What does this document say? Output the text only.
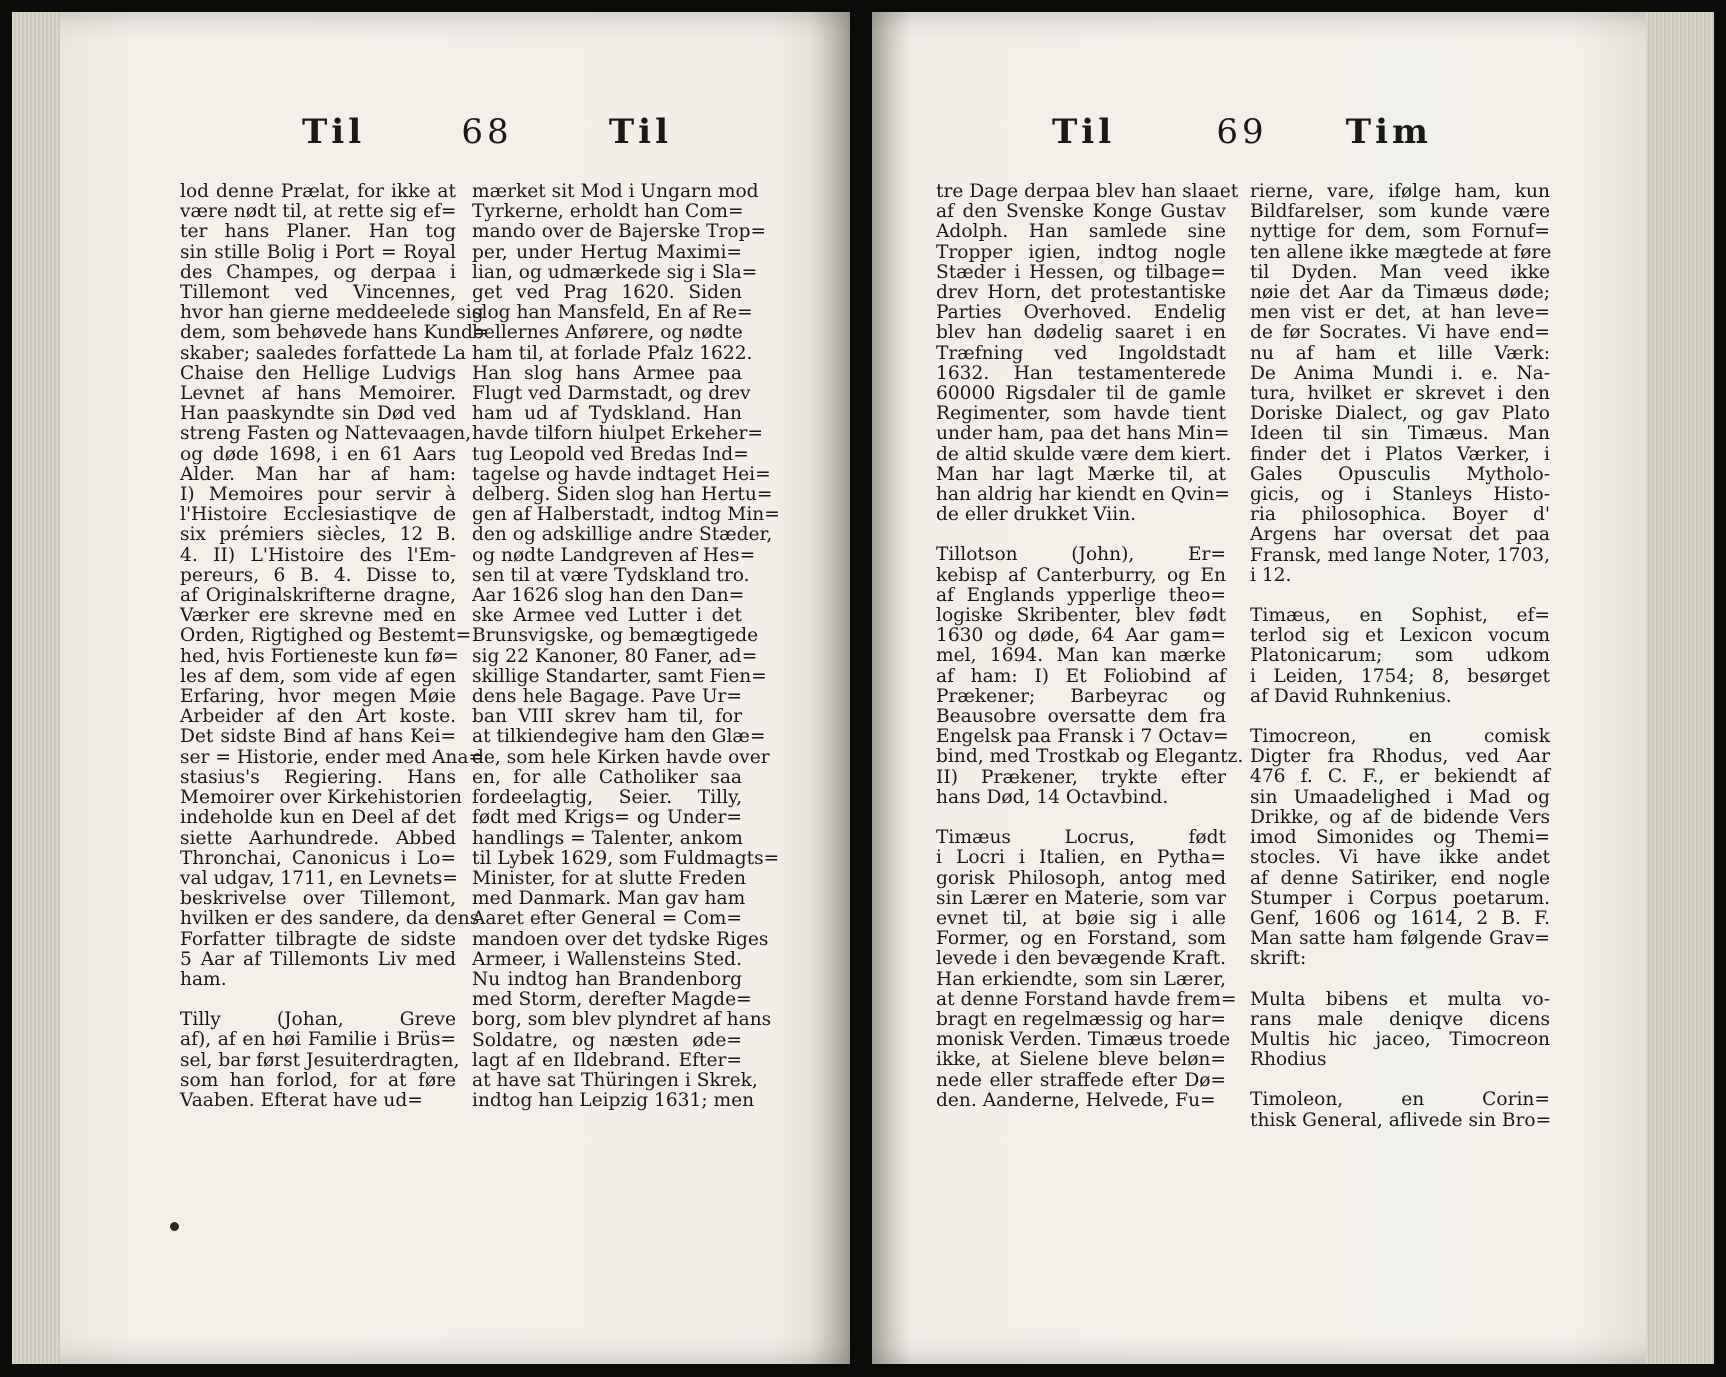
Til	68	Til
lod denne Prælat, for ikke at
være nødt til, at rette sig ef=
ter hans Planer. Han tog
sin stille Bolig i Port = Royal
des Champes, og derpaa i
Tillemont ved Vincennes,
hvor han gierne meddeelede sig
dem, som behøvede hans Kund=
skaber; saaledes forfattede La
Chaise den Hellige Ludvigs
Levnet af hans Memoirer.
Han paaskyndte sin Død ved
streng Fasten og Nattevaagen,
og døde 1698, i en 61 Aars
Alder. Man har af ham:
I) Memoires pour servir à
l'Histoire Ecclesiastiqve de
six prémiers siècles, 12 B.
4. II) L'Histoire des l'Em-
pereurs, 6 B. 4. Disse to,
af Originalskrifterne dragne,
Værker ere skrevne med en
Orden, Rigtighed og Bestemt=
hed, hvis Fortieneste kun fø=
les af dem, som vide af egen
Erfaring, hvor megen Møie
Arbeider af den Art koste.
Det sidste Bind af hans Kei=
ser = Historie, ender med Ana=
stasius's Regiering. Hans
Memoirer over Kirkehistorien
indeholde kun en Deel af det
siette Aarhundrede. Abbed
Thronchai, Canonicus i Lo=
val udgav, 1711, en Levnets=
beskrivelse over Tillemont,
hvilken er des sandere, da dens
Forfatter tilbragte de sidste
5 Aar af Tillemonts Liv med
ham.
Tilly (Johan, Greve
af), af en høi Familie i Brüs=
sel, bar først Jesuiterdragten,
som han forlod, for at føre
Vaaben. Efterat have ud=
mærket sit Mod i Ungarn mod
Tyrkerne, erholdt han Com=
mando over de Bajerske Trop=
per, under Hertug Maximi=
lian, og udmærkede sig i Sla=
get ved Prag 1620. Siden
slog han Mansfeld, En af Re=
bellernes Anførere, og nødte
ham til, at forlade Pfalz 1622.
Han slog hans Armee paa
Flugt ved Darmstadt, og drev
ham ud af Tydskland. Han
havde tilforn hiulpet Erkeher=
tug Leopold ved Bredas Ind=
tagelse og havde indtaget Hei=
delberg. Siden slog han Hertu=
gen af Halberstadt, indtog Min=
den og adskillige andre Stæder,
og nødte Landgreven af Hes=
sen til at være Tydskland tro.
Aar 1626 slog han den Dan=
ske Armee ved Lutter i det
Brunsvigske, og bemægtigede
sig 22 Kanoner, 80 Faner, ad=
skillige Standarter, samt Fien=
dens hele Bagage. Pave Ur=
ban VIII skrev ham til, for
at tilkiendegive ham den Glæ=
de, som hele Kirken havde over
en, for alle Catholiker saa
fordeelagtig, Seier. Tilly,
født med Krigs= og Under=
handlings = Talenter, ankom
til Lybek 1629, som Fuldmagts=
Minister, for at slutte Freden
med Danmark. Man gav ham
Aaret efter General = Com=
mandoen over det tydske Riges
Armeer, i Wallensteins Sted.
Nu indtog han Brandenborg
med Storm, derefter Magde=
borg, som blev plyndret af hans
Soldatre, og næsten øde=
lagt af en Ildebrand. Efter=
at have sat Thüringen i Skrek,
indtog han Leipzig 1631; men
Til	69 Tim
tre Dage derpaa blev han slaaet
af den Svenske Konge Gustav
Adolph. Han samlede sine
Tropper igien, indtog nogle
Stæder i Hessen, og tilbage=
drev Horn, det protestantiske
Parties Overhoved. Endelig
blev han dødelig saaret i en
Træfning ved Ingoldstadt
1632. Han testamenterede
60000 Rigsdaler til de gamle
Regimenter, som havde tient
under ham, paa det hans Min=
de altid skulde være dem kiert.
Man har lagt Mærke til, at
han aldrig har kiendt en Qvin=
de eller drukket Viin.
Tillotson (John), Er=
kebisp af Canterburry, og En
af Englands ypperlige theo=
logiske Skribenter, blev født
1630 og døde, 64 Aar gam=
mel, 1694. Man kan mærke
af ham: I) Et Foliobind af
Prækener; Barbeyrac og
Beausobre oversatte dem fra
Engelsk paa Fransk i 7 Octav=
bind, med Trostkab og Elegantz.
II) Prækener, trykte efter
hans Død, 14 Octavbind.
Timæus Locrus, født
i Locri i Italien, en Pytha=
gorisk Philosoph, antog med
sin Lærer en Materie, som var
evnet til, at bøie sig i alle
Former, og en Forstand, som
levede i den bevægende Kraft.
Han erkiendte, som sin Lærer,
at denne Forstand havde frem=
bragt en regelmæssig og har=
monisk Verden. Timæus troede
ikke, at Sielene bleve beløn=
nede eller straffede efter Dø=
den. Aanderne, Helvede, Fu=
rierne, vare, ifølge ham, kun
Bildfarelser, som kunde være
nyttige for dem, som Fornuf=
ten allene ikke mægtede at føre
til Dyden. Man veed ikke
nøie det Aar da Timæus døde;
men vist er det, at han leve=
de før Socrates. Vi have end=
nu af ham et lille Værk:
De Anima Mundi i. e. Na-
tura, hvilket er skrevet i den
Doriske Dialect, og gav Plato
Ideen til sin Timæus. Man
finder det i Platos Værker, i
Gales Opusculis Mytholo-
gicis, og i Stanleys Histo-
ria philosophica. Boyer d'
Argens har oversat det paa
Fransk, med lange Noter, 1703,
i 12.
Timæus, en Sophist, ef=
terlod sig et Lexicon vocum
Platonicarum; som udkom
i Leiden, 1754; 8, besørget
af David Ruhnkenius.
Timocreon, en comisk
Digter fra Rhodus, ved Aar
476 f. C. F., er bekiendt af
sin Umaadelighed i Mad og
Drikke, og af de bidende Vers
imod Simonides og Themi=
stocles. Vi have ikke andet
af denne Satiriker, end nogle
Stumper i Corpus poetarum.
Genf, 1606 og 1614, 2 B. F.
Man satte ham følgende Grav=
skrift:
Multa bibens et multa vo-
rans male deniqve dicens
Multis hic jaceo, Timocreon
Rhodius
Timoleon, en Corin=
thisk General, aflivede sin Bro=
